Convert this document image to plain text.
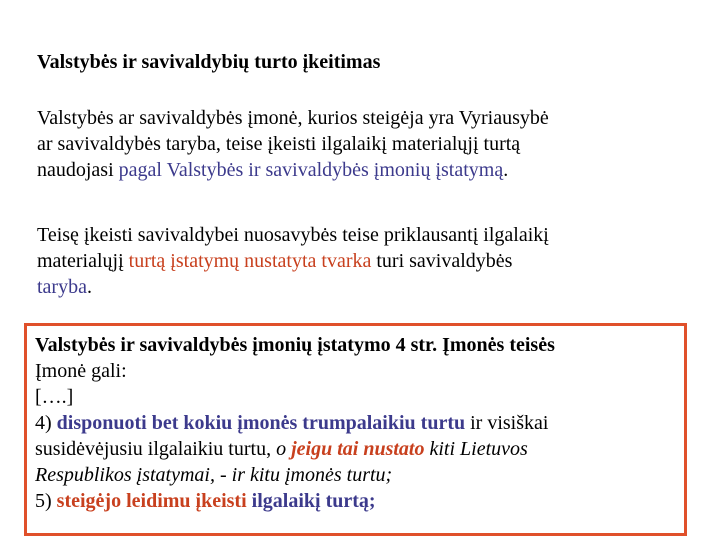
Valstybės ir savivaldybių turto įkeitimas
Valstybės ar savivaldybės įmonė, kurios steigėja yra Vyriausybė
ar savivaldybės taryba, teise įkeisti ilgalaikį materialųjį turtą
naudojasi pagal Valstybės ir savivaldybės įmonių įstatymą.
Teisę įkeisti savivaldybei nuosavybės teise priklausantį ilgalaikį
materialųjį turtą įstatymų nustatyta tvarka turi savivaldybės
taryba.
Valstybės ir savivaldybės įmonių įstatymo 4 str. Įmonės teisės
Įmonė gali:
[….]
4) disponuoti bet kokiu įmonės trumpalaikiu turtu ir visiškai
susidėvėjusiu ilgalaikiu turtu, o jeigu tai nustato kiti Lietuvos
Respublikos įstatymai, - ir kitu įmonės turtu;
5) steigėjo leidimu įkeisti ilgalaikį turtą;
